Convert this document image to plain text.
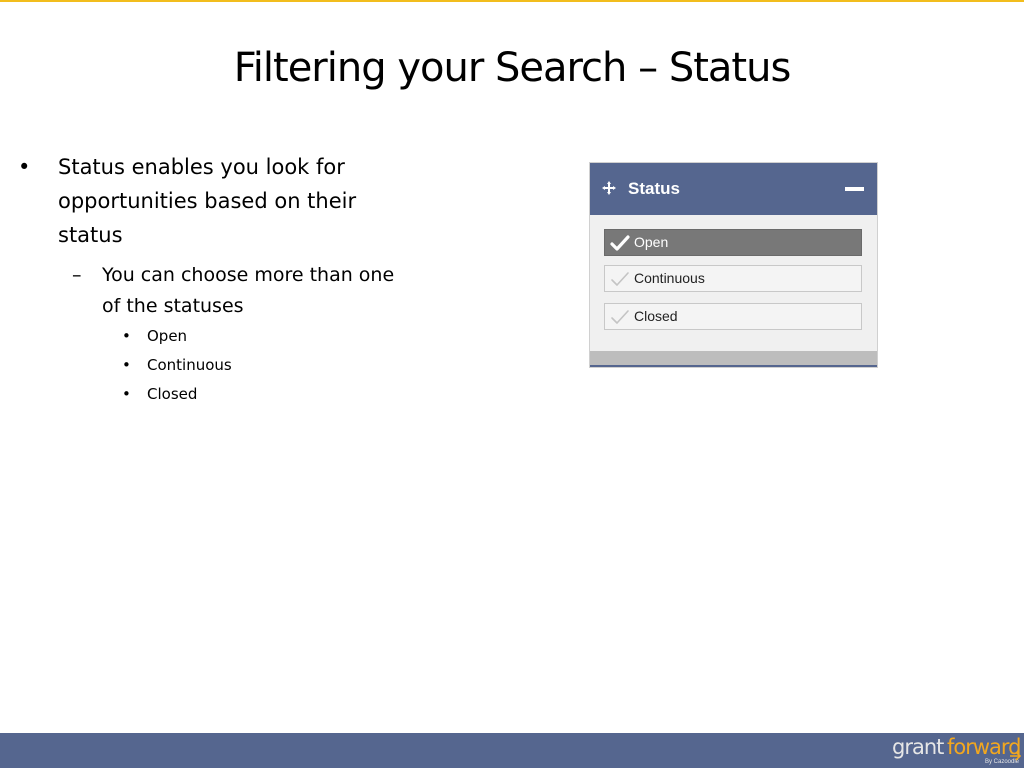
Filtering your Search – Status
• Status enables you look for opportunities based on their status
– You can choose more than one of the statuses
• Open
• Continuous
• Closed
Status
Open
Continuous
Closed
grant forward
By Cazoodle
